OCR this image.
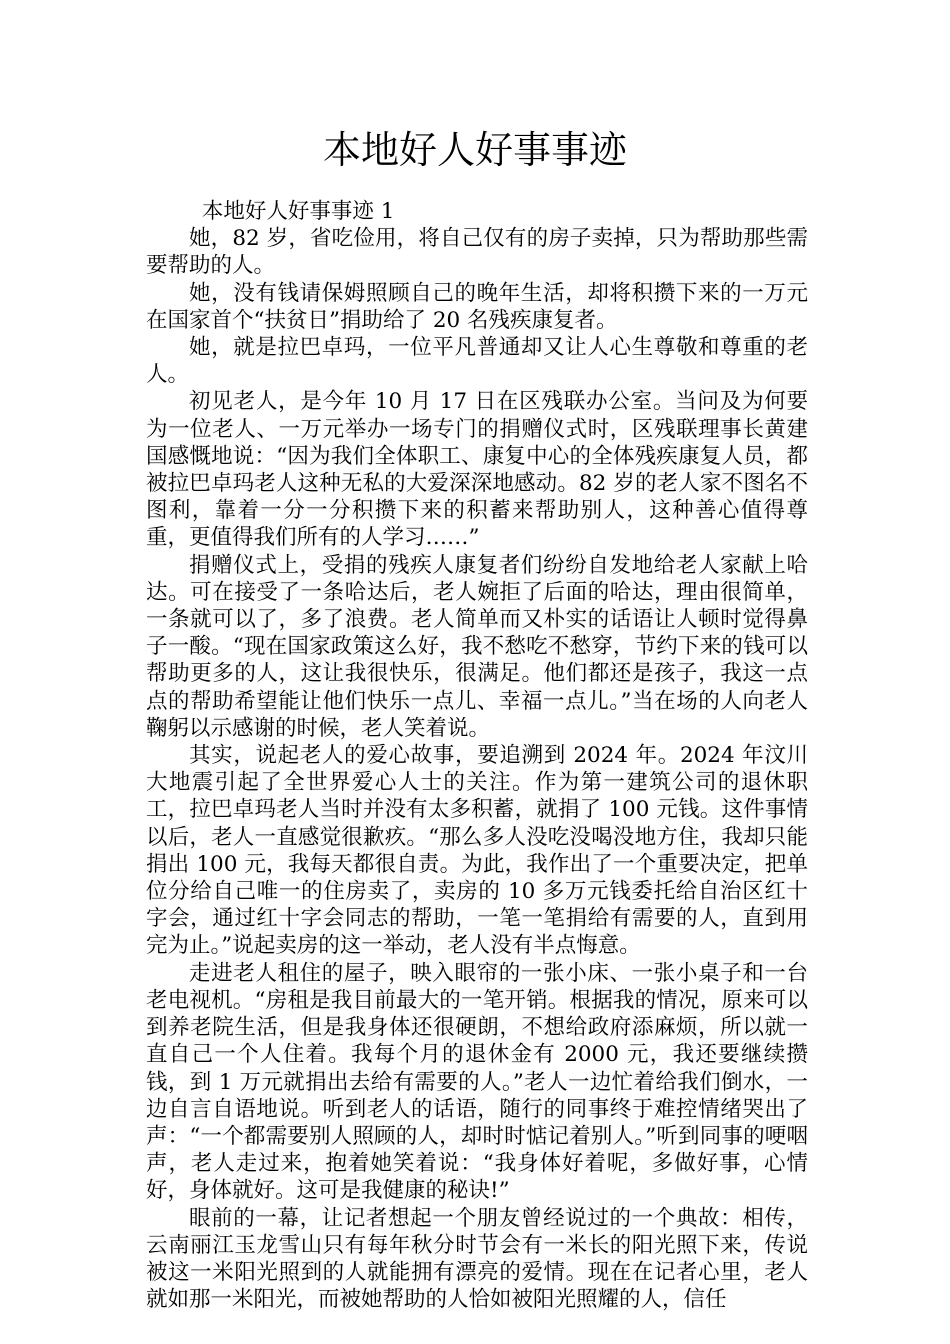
本地好人好事事迹

本地好人好事事迹 1

她，82 岁，省吃俭用，将自己仅有的房子卖掉，只为帮助那些需要帮助的人。

她，没有钱请保姆照顾自己的晚年生活，却将积攒下来的一万元在国家首个“扶贫日”捐助给了 20 名残疾康复者。

她，就是拉巴卓玛，一位平凡普通却又让人心生尊敬和尊重的老人。

初见老人，是今年 10 月 17 日在区残联办公室。当问及为何要为一位老人、一万元举办一场专门的捐赠仪式时，区残联理事长黄建国感慨地说：“因为我们全体职工、康复中心的全体残疾康复人员，都被拉巴卓玛老人这种无私的大爱深深地感动。82 岁的老人家不图名不图利，靠着一分一分积攒下来的积蓄来帮助别人，这种善心值得尊重，更值得我们所有的人学习……”

捐赠仪式上，受捐的残疾人康复者们纷纷自发地给老人家献上哈达。可在接受了一条哈达后，老人婉拒了后面的哈达，理由很简单，一条就可以了，多了浪费。老人简单而又朴实的话语让人顿时觉得鼻子一酸。“现在国家政策这么好，我不愁吃不愁穿，节约下来的钱可以帮助更多的人，这让我很快乐，很满足。他们都还是孩子，我这一点点的帮助希望能让他们快乐一点儿、幸福一点儿。”当在场的人向老人鞠躬以示感谢的时候，老人笑着说。

其实，说起老人的爱心故事，要追溯到 2024 年。2024 年汶川大地震引起了全世界爱心人士的关注。作为第一建筑公司的退休职工，拉巴卓玛老人当时并没有太多积蓄，就捐了 100 元钱。这件事情以后，老人一直感觉很歉疚。“那么多人没吃没喝没地方住，我却只能捐出 100 元，我每天都很自责。为此，我作出了一个重要决定，把单位分给自己唯一的住房卖了，卖房的 10 多万元钱委托给自治区红十字会，通过红十字会同志的帮助，一笔一笔捐给有需要的人，直到用完为止。”说起卖房的这一举动，老人没有半点悔意。

走进老人租住的屋子，映入眼帘的一张小床、一张小桌子和一台老电视机。“房租是我目前最大的一笔开销。根据我的情况，原来可以到养老院生活，但是我身体还很硬朗，不想给政府添麻烦，所以就一直自己一个人住着。我每个月的退休金有 2000 元，我还要继续攒钱，到 1 万元就捐出去给有需要的人。”老人一边忙着给我们倒水，一边自言自语地说。听到老人的话语，随行的同事终于难控情绪哭出了声：“一个都需要别人照顾的人，却时时惦记着别人。”听到同事的哽咽声，老人走过来，抱着她笑着说：“我身体好着呢，多做好事，心情好，身体就好。这可是我健康的秘诀!”

眼前的一幕，让记者想起一个朋友曾经说过的一个典故：相传，云南丽江玉龙雪山只有每年秋分时节会有一米长的阳光照下来，传说被这一米阳光照到的人就能拥有漂亮的爱情。现在在记者心里，老人就如那一米阳光，而被她帮助的人恰如被阳光照耀的人，信任
